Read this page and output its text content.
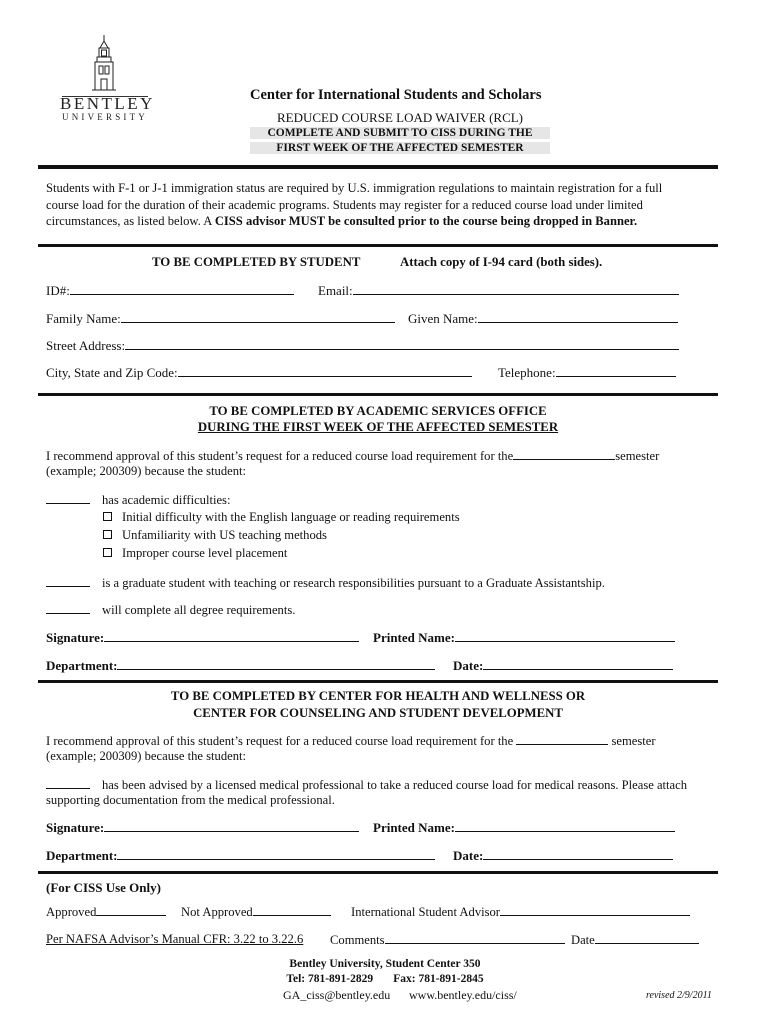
BENTLEY
UNIVERSITY
Center for International Students and Scholars
REDUCED COURSE LOAD WAIVER (RCL)
COMPLETE AND SUBMIT TO CISS DURING THE
FIRST WEEK OF THE AFFECTED SEMESTER
Students with F-1 or J-1 immigration status are required by U.S. immigration regulations to maintain registration for a full
course load for the duration of their academic programs. Students may register for a reduced course load under limited
circumstances, as listed below. A CISS advisor MUST be consulted prior to the course being dropped in Banner.
TO BE COMPLETED BY STUDENT	Attach copy of I-94 card (both sides).
ID#:	Email:
Family Name:	Given Name:
Street Address:
City, State and Zip Code:	Telephone:
TO BE COMPLETED BY ACADEMIC SERVICES OFFICE
DURING THE FIRST WEEK OF THE AFFECTED SEMESTER
I recommend approval of this student’s request for a reduced course load requirement for the	semester
(example; 200309) because the student:
has academic difficulties:
Initial difficulty with the English language or reading requirements
Unfamiliarity with US teaching methods
Improper course level placement
is a graduate student with teaching or research responsibilities pursuant to a Graduate Assistantship.
will complete all degree requirements.
Signature:	Printed Name:
Department:	Date:
TO BE COMPLETED BY CENTER FOR HEALTH AND WELLNESS OR
CENTER FOR COUNSELING AND STUDENT DEVELOPMENT
I recommend approval of this student’s request for a reduced course load requirement for the	semester
(example; 200309) because the student:
has been advised by a licensed medical professional to take a reduced course load for medical reasons. Please attach
supporting documentation from the medical professional.
Signature:	Printed Name:
Department:	Date:
(For CISS Use Only)
Approved	Not Approved	International Student Advisor
Per NAFSA Advisor’s Manual CFR: 3.22 to 3.22.6 Comments	Date
Bentley University, Student Center 350
Tel: 781-891-2829       Fax: 781-891-2845
GA_ciss@bentley.edu www.bentley.edu/ciss/	revised 2/9/2011
